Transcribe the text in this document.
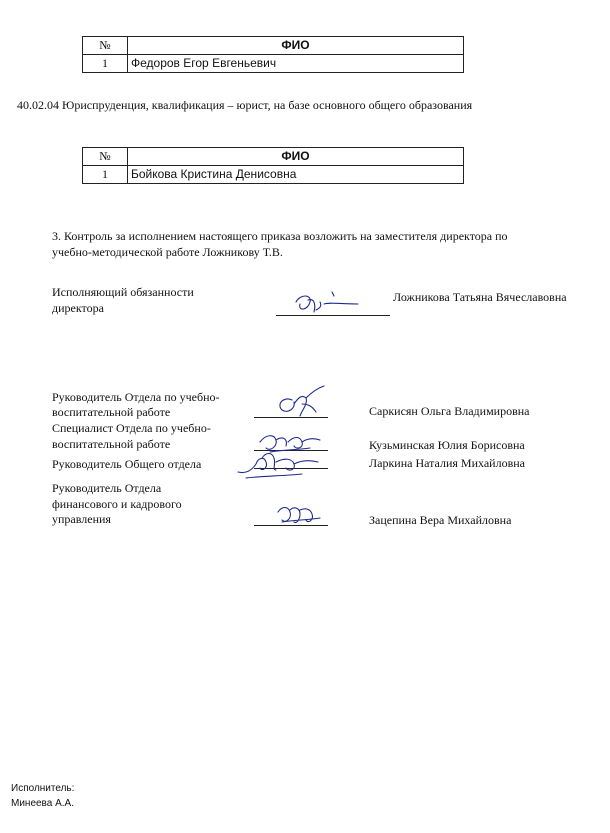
№	ФИО
1	Федоров Егор Евгеньевич
40.02.04 Юриспруденция, квалификация – юрист, на базе основного общего образования
№	ФИО
1	Бойкова Кристина Денисовна
3. Контроль за исполнением настоящего приказа возложить на заместителя директора по
учебно-методической работе Ложникову Т.В.
Исполняющий обязанности
директора
Ложникова Татьяна Вячеславовна
Руководитель Отдела по учебно-
воспитательной работе	Саркисян Ольга Владимировна
Специалист Отдела по учебно-
воспитательной работе	Кузьминская Юлия Борисовна
Руководитель Общего отдела	Ларкина Наталия Михайловна
Руководитель Отдела
финансового и кадрового
управления	Зацепина Вера Михайловна
Исполнитель:
Минеева А.А.
